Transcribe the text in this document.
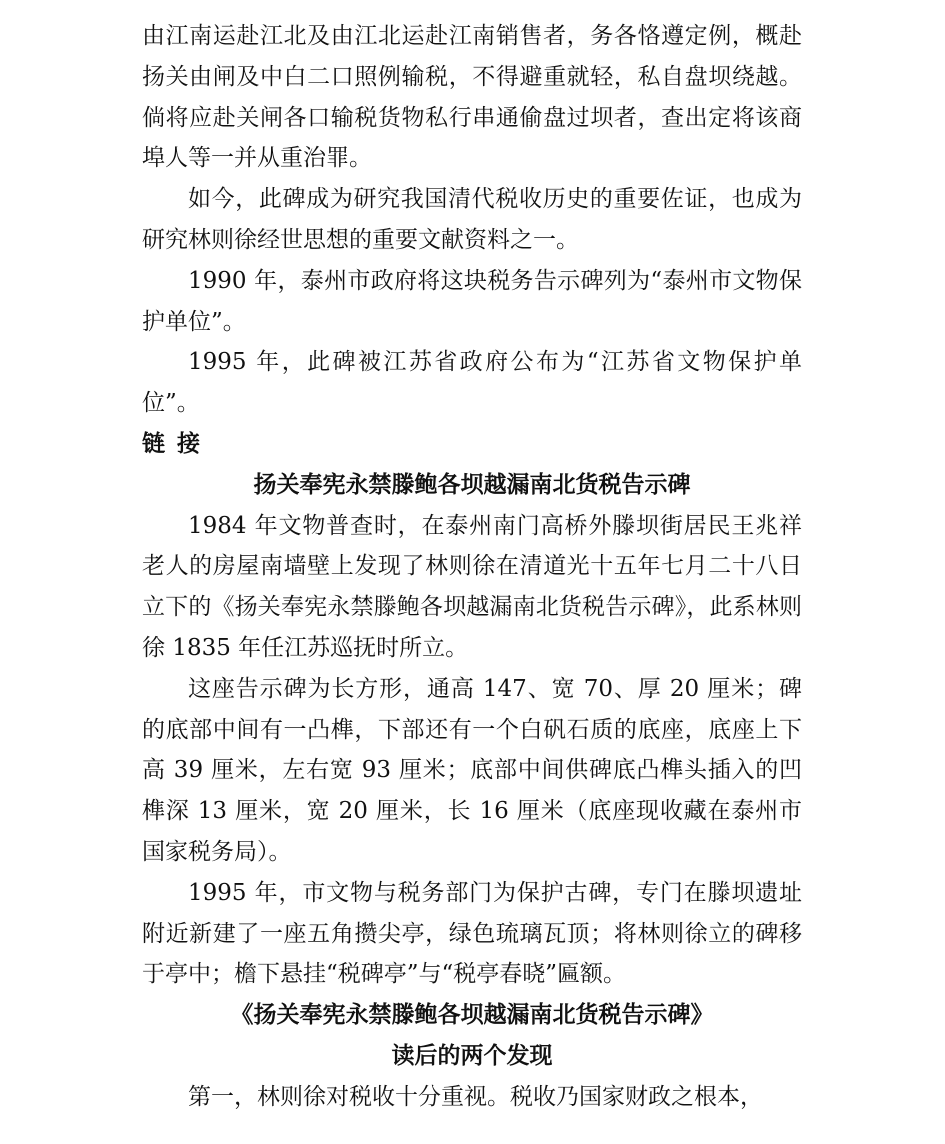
由江南运赴江北及由江北运赴江南销售者，务各恪遵定例，概赴扬关由闸及中白二口照例输税，不得避重就轻，私自盘坝绕越。倘将应赴关闸各口输税货物私行串通偷盘过坝者，查出定将该商埠人等一并从重治罪。

如今，此碑成为研究我国清代税收历史的重要佐证，也成为研究林则徐经世思想的重要文献资料之一。

1990 年，泰州市政府将这块税务告示碑列为“泰州市文物保护单位”。

1995 年，此碑被江苏省政府公布为“江苏省文物保护单位”。

链接

扬关奉宪永禁滕鲍各坝越漏南北货税告示碑

1984 年文物普查时，在泰州南门高桥外滕坝街居民王兆祥老人的房屋南墙壁上发现了林则徐在清道光十五年七月二十八日立下的《扬关奉宪永禁滕鲍各坝越漏南北货税告示碑》，此系林则徐 1835 年任江苏巡抚时所立。

这座告示碑为长方形，通高 147、宽 70、厚 20 厘米；碑的底部中间有一凸榫，下部还有一个白矾石质的底座，底座上下高 39 厘米，左右宽 93 厘米；底部中间供碑底凸榫头插入的凹榫深 13 厘米，宽 20 厘米，长 16 厘米（底座现收藏在泰州市国家税务局）。

1995 年，市文物与税务部门为保护古碑，专门在滕坝遗址附近新建了一座五角攒尖亭，绿色琉璃瓦顶；将林则徐立的碑移于亭中；檐下悬挂“税碑亭”与“税亭春晓”匾额。

《扬关奉宪永禁滕鲍各坝越漏南北货税告示碑》

读后的两个发现

第一，林则徐对税收十分重视。税收乃国家财政之根本，
